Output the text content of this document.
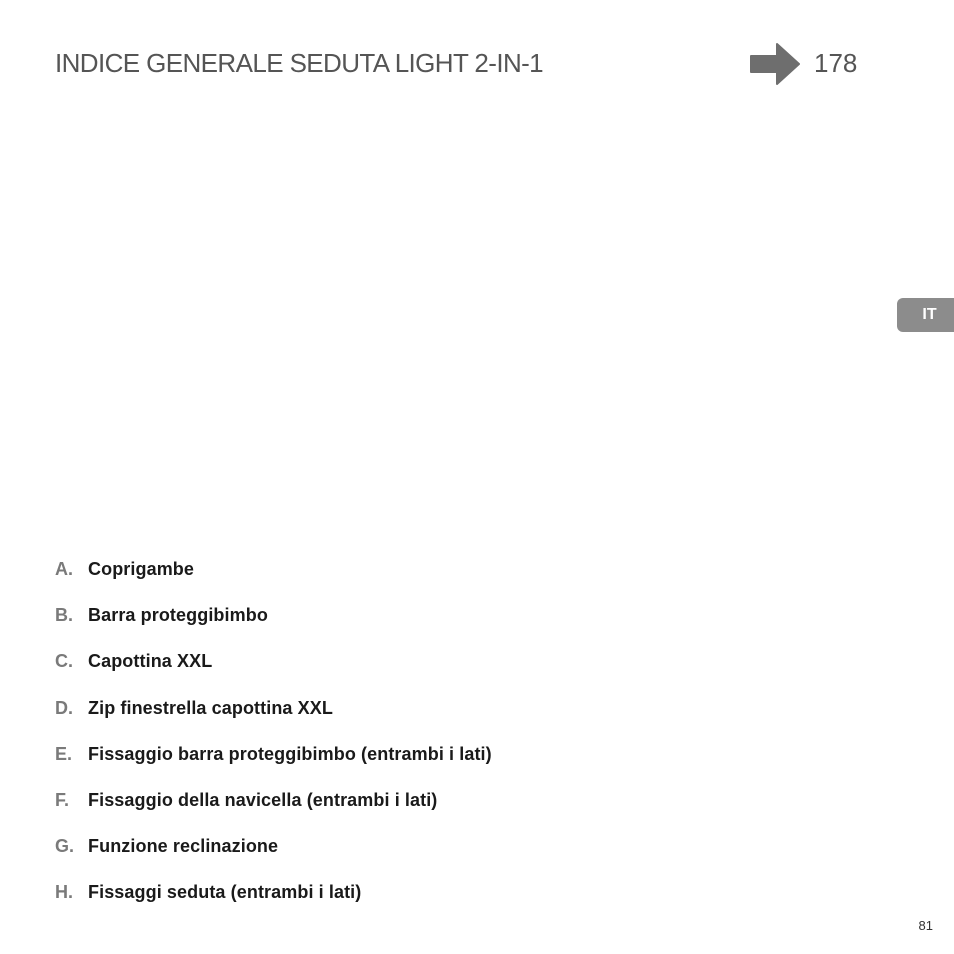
INDICE GENERALE SEDUTA LIGHT 2-IN-1	178
IT
A. Coprigambe
B. Barra proteggibimbo
C. Capottina XXL
D. Zip finestrella capottina XXL
E. Fissaggio barra proteggibimbo (entrambi i lati)
F.	Fissaggio della navicella (entrambi i lati)
G. Funzione reclinazione
H. Fissaggi seduta (entrambi i lati)
81
